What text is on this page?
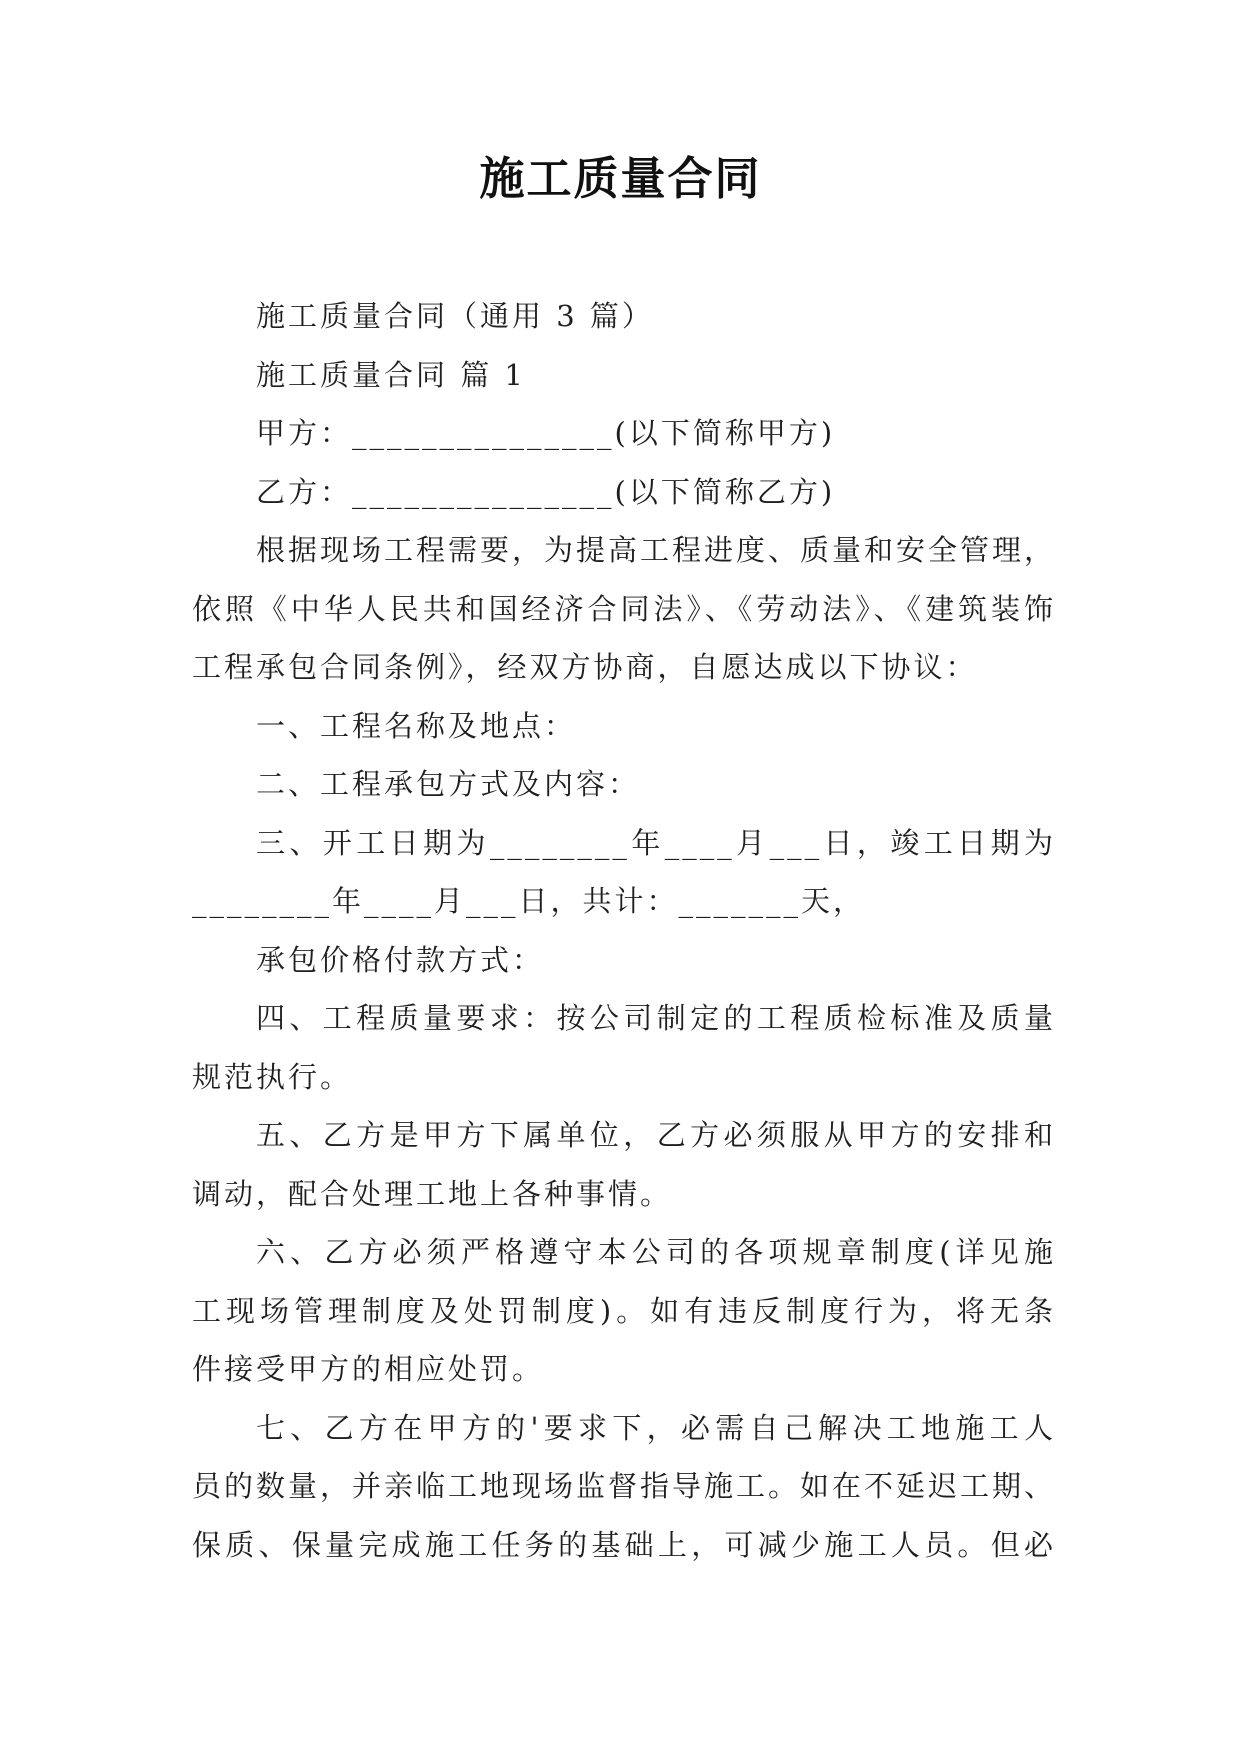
施工质量合同
施工质量合同（通用 3 篇）
施工质量合同 篇 1
甲方：_______________(以下简称甲方)
乙方：_______________(以下简称乙方)
根据现场工程需要，为提高工程进度、质量和安全管理，
依照《中华人民共和国经济合同法》、《劳动法》、《建筑装饰
工程承包合同条例》，经双方协商，自愿达成以下协议：
一、工程名称及地点：
二、工程承包方式及内容：
三、开工日期为________年____月___日，竣工日期为
________年____月___日，共计：_______天，
承包价格付款方式：
四、工程质量要求：按公司制定的工程质检标准及质量
规范执行。
五、乙方是甲方下属单位，乙方必须服从甲方的安排和
调动，配合处理工地上各种事情。
六、乙方必须严格遵守本公司的各项规章制度(详见施
工现场管理制度及处罚制度)。如有违反制度行为，将无条
件接受甲方的相应处罚。
七、乙方在甲方的'要求下，必需自己解决工地施工人
员的数量，并亲临工地现场监督指导施工。如在不延迟工期、
保质、保量完成施工任务的基础上，可减少施工人员。但必
